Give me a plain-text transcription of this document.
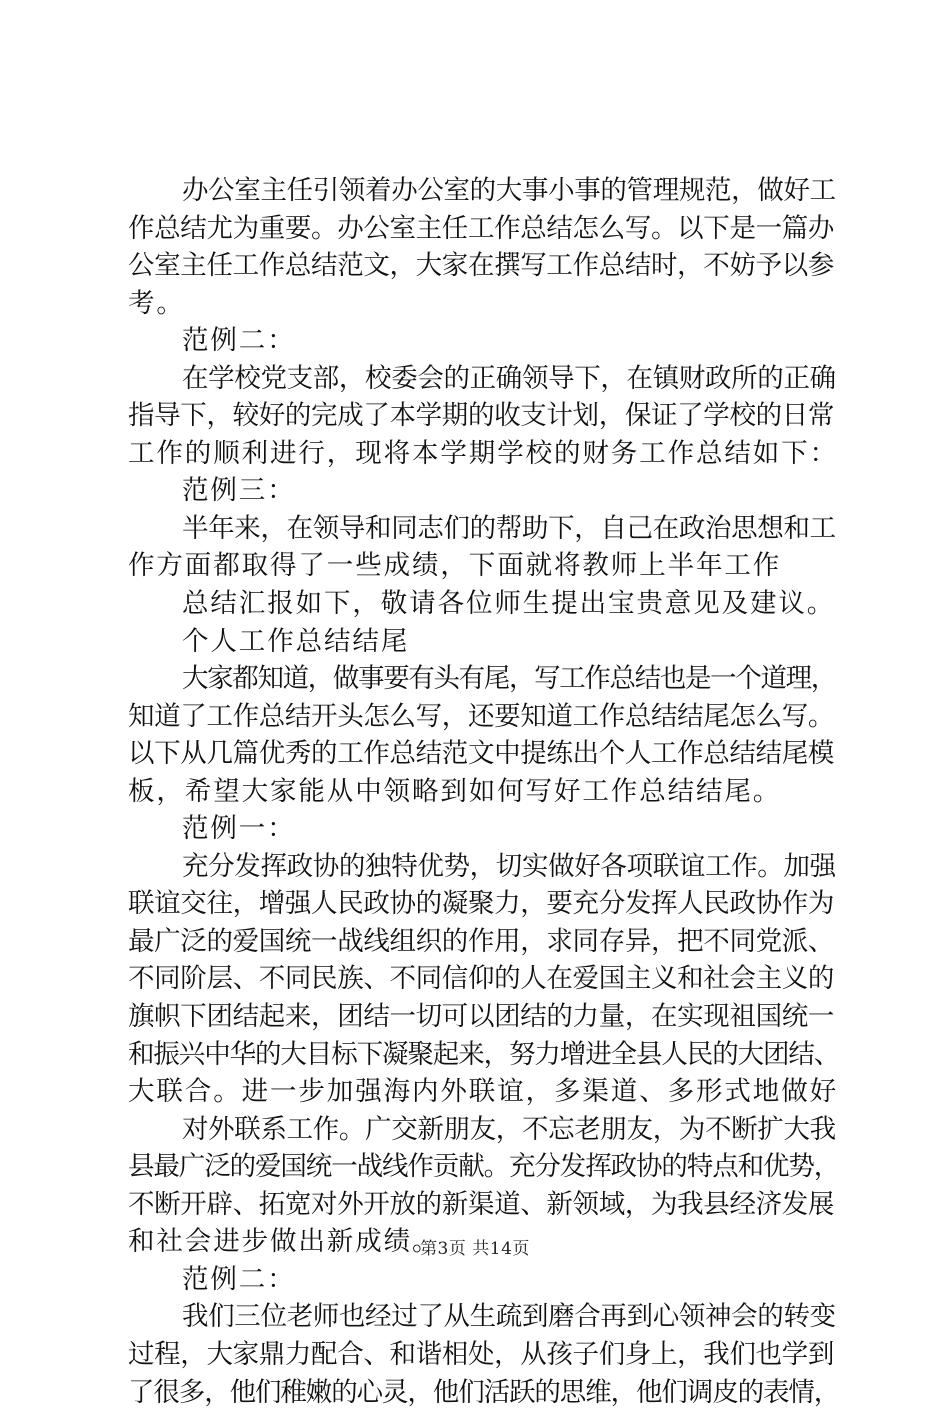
办公室主任引领着办公室的大事小事的管理规范，做好工
作总结尤为重要。办公室主任工作总结怎么写。以下是一篇办
公室主任工作总结范文，大家在撰写工作总结时，不妨予以参
考。
范例二：
在学校党支部，校委会的正确领导下，在镇财政所的正确
指导下，较好的完成了本学期的收支计划，保证了学校的日常
工作的顺利进行，现将本学期学校的财务工作总结如下：
范例三：
半年来，在领导和同志们的帮助下，自己在政治思想和工
作方面都取得了一些成绩，下面就将教师上半年工作
总结汇报如下，敬请各位师生提出宝贵意见及建议。
个人工作总结结尾
大家都知道，做事要有头有尾，写工作总结也是一个道理，
知道了工作总结开头怎么写，还要知道工作总结结尾怎么写。
以下从几篇优秀的工作总结范文中提练出个人工作总结结尾模
板，希望大家能从中领略到如何写好工作总结结尾。
范例一：
充分发挥政协的独特优势，切实做好各项联谊工作。加强
联谊交往，增强人民政协的凝聚力，要充分发挥人民政协作为
最广泛的爱国统一战线组织的作用，求同存异，把不同党派、
不同阶层、不同民族、不同信仰的人在爱国主义和社会主义的
旗帜下团结起来，团结一切可以团结的力量，在实现祖国统一
和振兴中华的大目标下凝聚起来，努力增进全县人民的大团结、
大联合。进一步加强海内外联谊，多渠道、多形式地做好
对外联系工作。广交新朋友，不忘老朋友，为不断扩大我
县最广泛的爱国统一战线作贡献。充分发挥政协的特点和优势，
不断开辟、拓宽对外开放的新渠道、新领域，为我县经济发展
和社会进步做出新成绩。
范例二：
我们三位老师也经过了从生疏到磨合再到心领神会的转变
过程，大家鼎力配合、和谐相处，从孩子们身上，我们也学到
了很多，他们稚嫩的心灵，他们活跃的思维，他们调皮的表情，
第3页 共14页
